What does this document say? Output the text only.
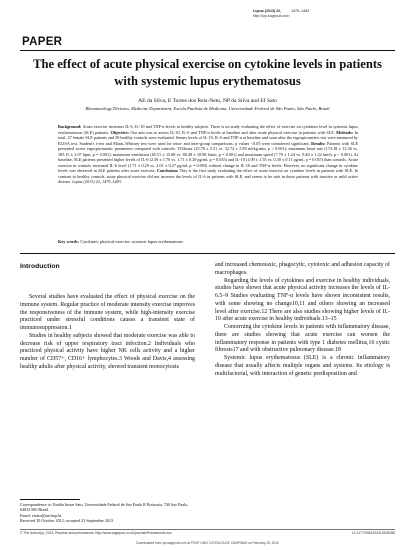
Lupus (2013) 22,	1479–1483
http://lup.sagepub.com
PAPER
The effect of acute physical exercise on cytokine levels in patients with systemic lupus erythematosus
AE da Silva, E Torres dos Reis-Neto, NP da Silva and EI Sato
Rheumatology Division, Medicine Department, Escola Paulista de Medicina, Universidade Federal de São Paulo, São Paulo, Brazil
Background: Acute exercise increases IL-6, IL-10 and TNF-α levels in healthy subjects. There is no study evaluating the effect of exercise on cytokines level in systemic lupus erythematosus (SLE) patients. Objective: Our aim was to assess IL-10, IL-6 and TNF-α levels at baseline and after acute physical exercise in patients with SLE. Methods: In total, 27 female SLE patients and 30 healthy controls were evaluated. Serum levels of IL-10, IL-6 and TNF-α at baseline and soon after the ergospirometric test were measured by ELISA test. Student's t-test and Mann–Whitney test were used for intra- and inter-group comparisons; p values <0.05 were considered significant. Results: Patients with SLE presented worse ergospirometric parameters compared with controls: VO2max (25.78 ± 5.51 vs. 32.74 ± 5.85 ml/kg.min, p < 0.001); maximum heart rate (174.18 ± 12.36 vs. 185.15 ± 2.07 bpm, p = 0.001); maximum ventilation (65.51 ± 15.68 vs. 80.48 ± 18.98 l/min, p = 0.001) and maximum speed (7.70 ± 1.24 vs. 9.40 ± 1.22 km/h, p < 0.001). At baseline, SLE patients presented higher levels of IL-6 (2.58 ± 1.70 vs. 1.71 ± 0.29 pg/ml, p = 0.035) and IL-10 (1.09 ± 1.55 vs. 0.30 ± 0.11 pg/ml, p = 0.037) than controls. Acute exercise in controls increased IL-6 level (1.71 ± 0.29 vs. 2.01 ± 0.27 pg/ml, p = 0.003) without change in IL-10 and TNF-α levels. However, no significant change in cytokine levels was observed in SLE patients after acute exercise. Conclusion: This is the first study evaluating the effect of acute exercise on cytokine levels in patients with SLE. In contrast to healthy controls, acute physical exercise did not increase the levels of IL-6 in patients with SLE, and seems to be safe in those patients with inactive or mild active disease. Lupus (2013) 22, 1479–1483.
Key words: Cytokines; physical exercise; systemic lupus erythematosus
Introduction

Several studies have evaluated the effect of physical exercise on the immune system. Regular practice of moderate intensity exercise improves the responsiveness of the immune system, while high-intensity exercise practiced under stressful conditions causes a transient state of immunosuppression.1

Studies in healthy subjects showed that moderate exercise was able to decrease risk of upper respiratory tract infection.2 Individuals who practiced physical activity have higher NK cells activity and a higher number of CD57+, CD16+ lymphocytes.3 Woods and Davis,4 assessing healthy adults after physical activity, showed transient monocytosis

and increased chemotaxic, phagocytic, cytotoxic and adhesion capacity of macrophages.

Regarding the levels of cytokines and exercise in healthy individuals, studies have shown that acute physical activity increases the levels of IL-6.5–9 Studies evaluating TNF-α levels have shown inconsistent results, with some showing no change10,11 and others showing an increased level after exercise.12 There are also studies showing higher levels of IL-10 after acute exercise in healthy individuals.13–15

Concerning the cytokine levels in patients with inflammatory disease, there are studies showing that acute exercise can worsen the inflammatory response in patients with type 1 diabetes mellitus,16 cystic fibrosis17 and with obstructive pulmonary disease.18

Systemic lupus erythematosus (SLE) is a chronic inflammatory disease that usually affects multiple organs and systems. Its etiology is multifactorial, with interaction of genetic predisposition and

Correspondence to: Emilia Inoue Sato, Universidade Federal de Sao Paulo R Botucatu, 740 Sao Paulo, 04023 900 Brazil.
Email: eisato@unifesp.br
Received 30 October 2012; accepted 23 September 2013
© The Author(s), 2013. Reprints and permissions: http://www.sagepub.co.uk/journalsPermissions.nav	10.1177/0961203313508286
Downloaded from lup.sagepub.com at PONT UNIV CATOLICA DE CAMPINAS on February 28, 2016
